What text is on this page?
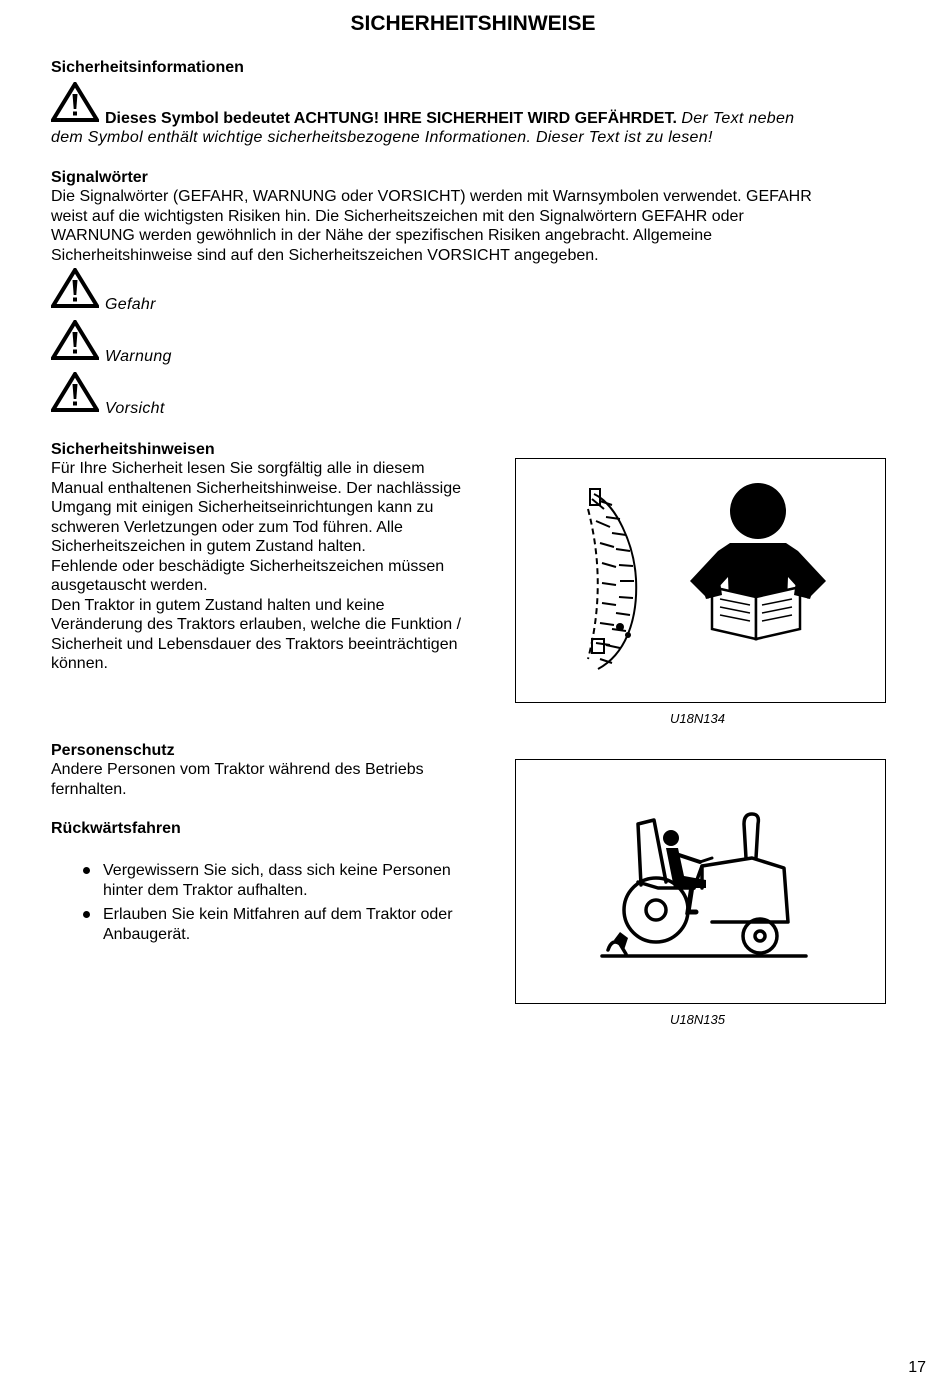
SICHERHEITSHINWEISE
Sicherheitsinformationen
Dieses Symbol bedeutet ACHTUNG! IHRE SICHERHEIT WIRD GEFÄHRDET. Der Text neben
dem Symbol enthält wichtige sicherheitsbezogene Informationen. Dieser Text ist zu lesen!
Signalwörter
Die Signalwörter (GEFAHR, WARNUNG oder VORSICHT) werden mit Warnsymbolen verwendet. GEFAHR
weist auf die wichtigsten Risiken hin. Die Sicherheitszeichen mit den Signalwörtern GEFAHR oder
WARNUNG werden gewöhnlich in der Nähe der spezifischen Risiken angebracht. Allgemeine
Sicherheitshinweise sind auf den Sicherheitszeichen VORSICHT angegeben.
Gefahr
Warnung
Vorsicht
Sicherheitshinweisen
Für Ihre Sicherheit lesen Sie sorgfältig alle in diesem
Manual enthaltenen Sicherheitshinweise. Der nachlässige
Umgang mit einigen Sicherheitseinrichtungen kann zu
schweren Verletzungen oder zum Tod führen. Alle
Sicherheitszeichen in gutem Zustand halten.
Fehlende oder beschädigte Sicherheitszeichen müssen
ausgetauscht werden.
Den Traktor in gutem Zustand halten und keine
Veränderung des Traktors erlauben, welche die Funktion /
Sicherheit und Lebensdauer des Traktors beeinträchtigen
können.
U18N134
Personenschutz
Andere Personen vom Traktor während des Betriebs
fernhalten.
Rückwärtsfahren
Vergewissern Sie sich, dass sich keine Personen
hinter dem Traktor aufhalten.
Erlauben Sie kein Mitfahren auf dem Traktor oder
Anbaugerät.
U18N135
17
